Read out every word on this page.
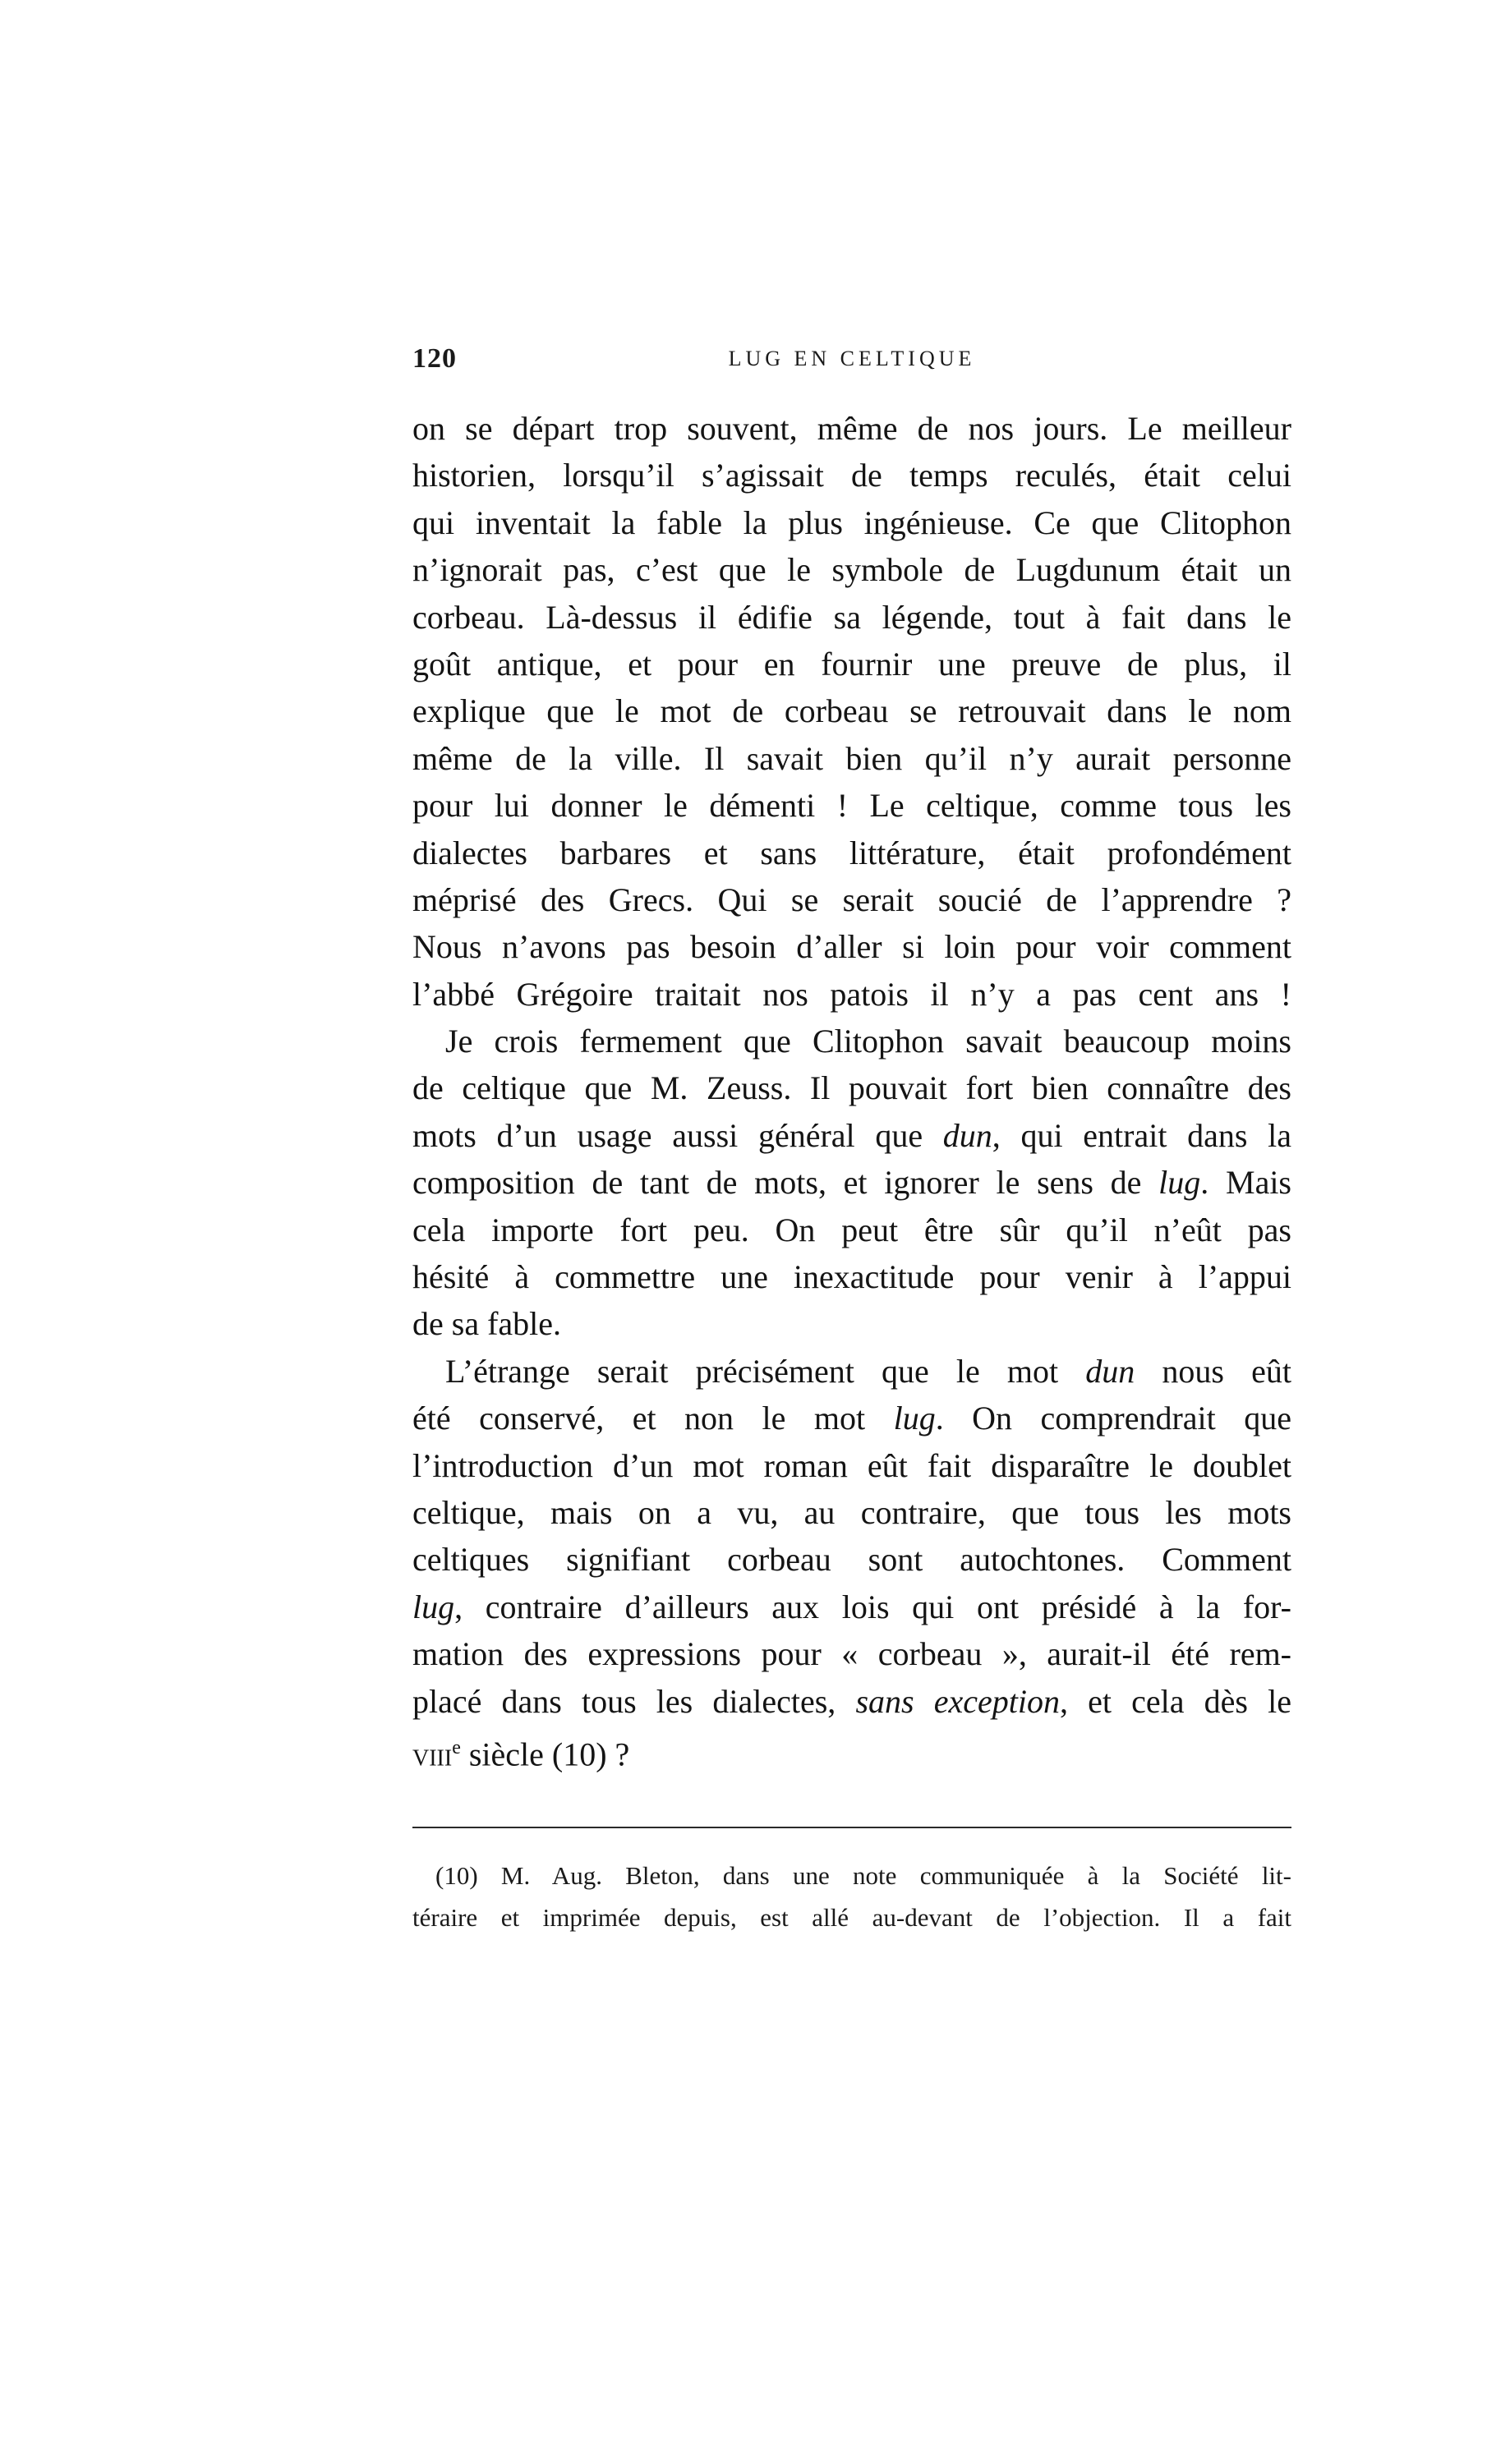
120	LUG EN CELTIQUE
on se départ trop souvent, même de nos jours. Le meilleur
historien, lorsqu’il s’agissait de temps reculés, était celui
qui inventait la fable la plus ingénieuse. Ce que Clitophon
n’ignorait pas, c’est que le symbole de Lugdunum était un
corbeau. Là-dessus il édifie sa légende, tout à fait dans le
goût antique, et pour en fournir une preuve de plus, il
explique que le mot de corbeau se retrouvait dans le nom
même de la ville. Il savait bien qu’il n’y aurait personne
pour lui donner le démenti ! Le celtique, comme tous les
dialectes barbares et sans littérature, était profondément
méprisé des Grecs. Qui se serait soucié de l’apprendre ?
Nous n’avons pas besoin d’aller si loin pour voir comment
l’abbé Grégoire traitait nos patois il n’y a pas cent ans !
Je crois fermement que Clitophon savait beaucoup moins
de celtique que M. Zeuss. Il pouvait fort bien connaître des
mots d’un usage aussi général que dun, qui entrait dans la
composition de tant de mots, et ignorer le sens de lug. Mais
cela importe fort peu. On peut être sûr qu’il n’eût pas
hésité à commettre une inexactitude pour venir à l’appui
de sa fable.
L’étrange serait précisément que le mot dun nous eût
été conservé, et non le mot lug. On comprendrait que
l’introduction d’un mot roman eût fait disparaître le doublet
celtique, mais on a vu, au contraire, que tous les mots
celtiques signifiant corbeau sont autochtones. Comment
lug, contraire d’ailleurs aux lois qui ont présidé à la for-
mation des expressions pour « corbeau », aurait-il été rem-
placé dans tous les dialectes, sans exception, et cela dès le
viii$^e$ siècle (10) ?
(10) M. Aug. Bleton, dans une note communiquée à la Société lit-
téraire et imprimée depuis, est allé au-devant de l’objection. Il a fait
